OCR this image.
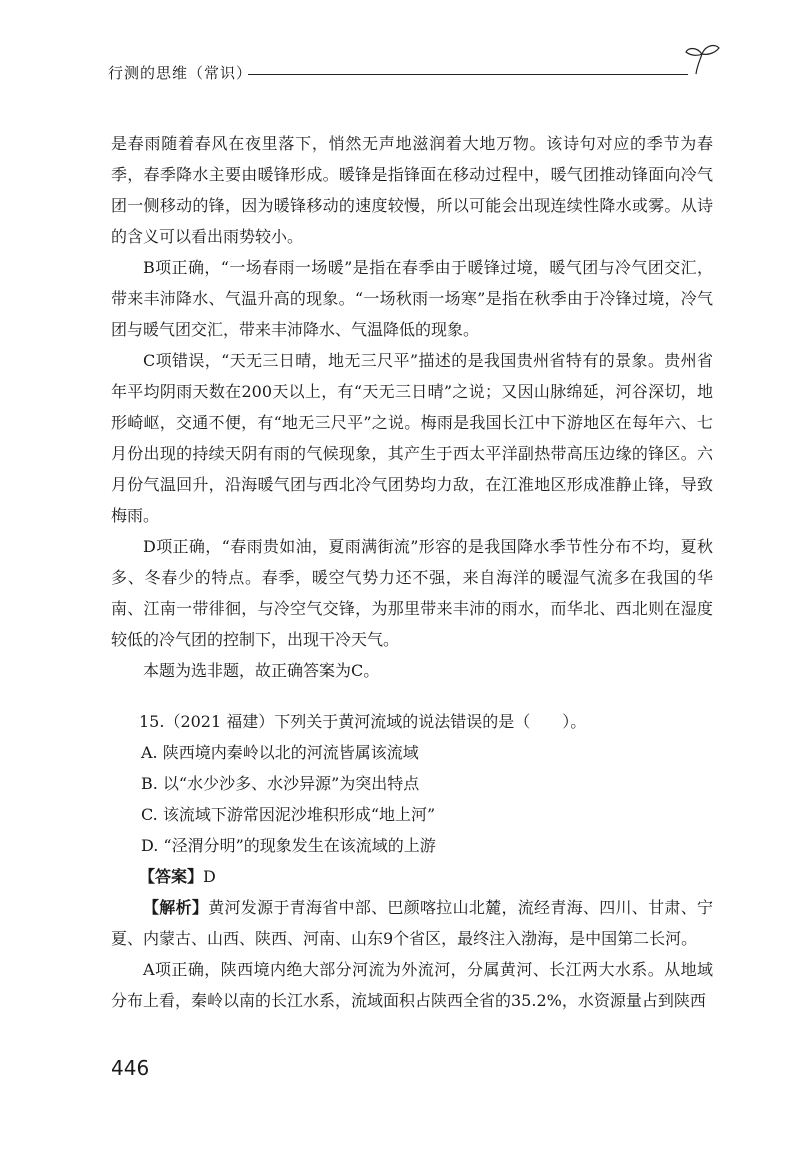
行测的思维（常识）

是春雨随着春风在夜里落下，悄然无声地滋润着大地万物。该诗句对应的季节为春季，春季降水主要由暖锋形成。暖锋是指锋面在移动过程中，暖气团推动锋面向冷气团一侧移动的锋，因为暖锋移动的速度较慢，所以可能会出现连续性降水或雾。从诗的含义可以看出雨势较小。

B项正确，“一场春雨一场暖”是指在春季由于暖锋过境，暖气团与冷气团交汇，带来丰沛降水、气温升高的现象。“一场秋雨一场寒”是指在秋季由于冷锋过境，冷气团与暖气团交汇，带来丰沛降水、气温降低的现象。

C项错误，“天无三日晴，地无三尺平”描述的是我国贵州省特有的景象。贵州省年平均阴雨天数在200天以上，有“天无三日晴”之说；又因山脉绵延，河谷深切，地形崎岖，交通不便，有“地无三尺平”之说。梅雨是我国长江中下游地区在每年六、七月份出现的持续天阴有雨的气候现象，其产生于西太平洋副热带高压边缘的锋区。六月份气温回升，沿海暖气团与西北冷气团势均力敌，在江淮地区形成准静止锋，导致梅雨。

D项正确，“春雨贵如油，夏雨满街流”形容的是我国降水季节性分布不均，夏秋多、冬春少的特点。春季，暖空气势力还不强，来自海洋的暖湿气流多在我国的华南、江南一带徘徊，与冷空气交锋，为那里带来丰沛的雨水，而华北、西北则在湿度较低的冷气团的控制下，出现干冷天气。

本题为选非题，故正确答案为C。

15.（2021 福建）下列关于黄河流域的说法错误的是（　　）。

A. 陕西境内秦岭以北的河流皆属该流域

B. 以“水少沙多、水沙异源”为突出特点

C. 该流域下游常因泥沙堆积形成“地上河”

D. “泾渭分明”的现象发生在该流域的上游

【答案】D

【解析】黄河发源于青海省中部、巴颜喀拉山北麓，流经青海、四川、甘肃、宁夏、内蒙古、山西、陕西、河南、山东9个省区，最终注入渤海，是中国第二长河。

A项正确，陕西境内绝大部分河流为外流河，分属黄河、长江两大水系。从地域分布上看，秦岭以南的长江水系，流域面积占陕西全省的35.2%，水资源量占到陕西

446
